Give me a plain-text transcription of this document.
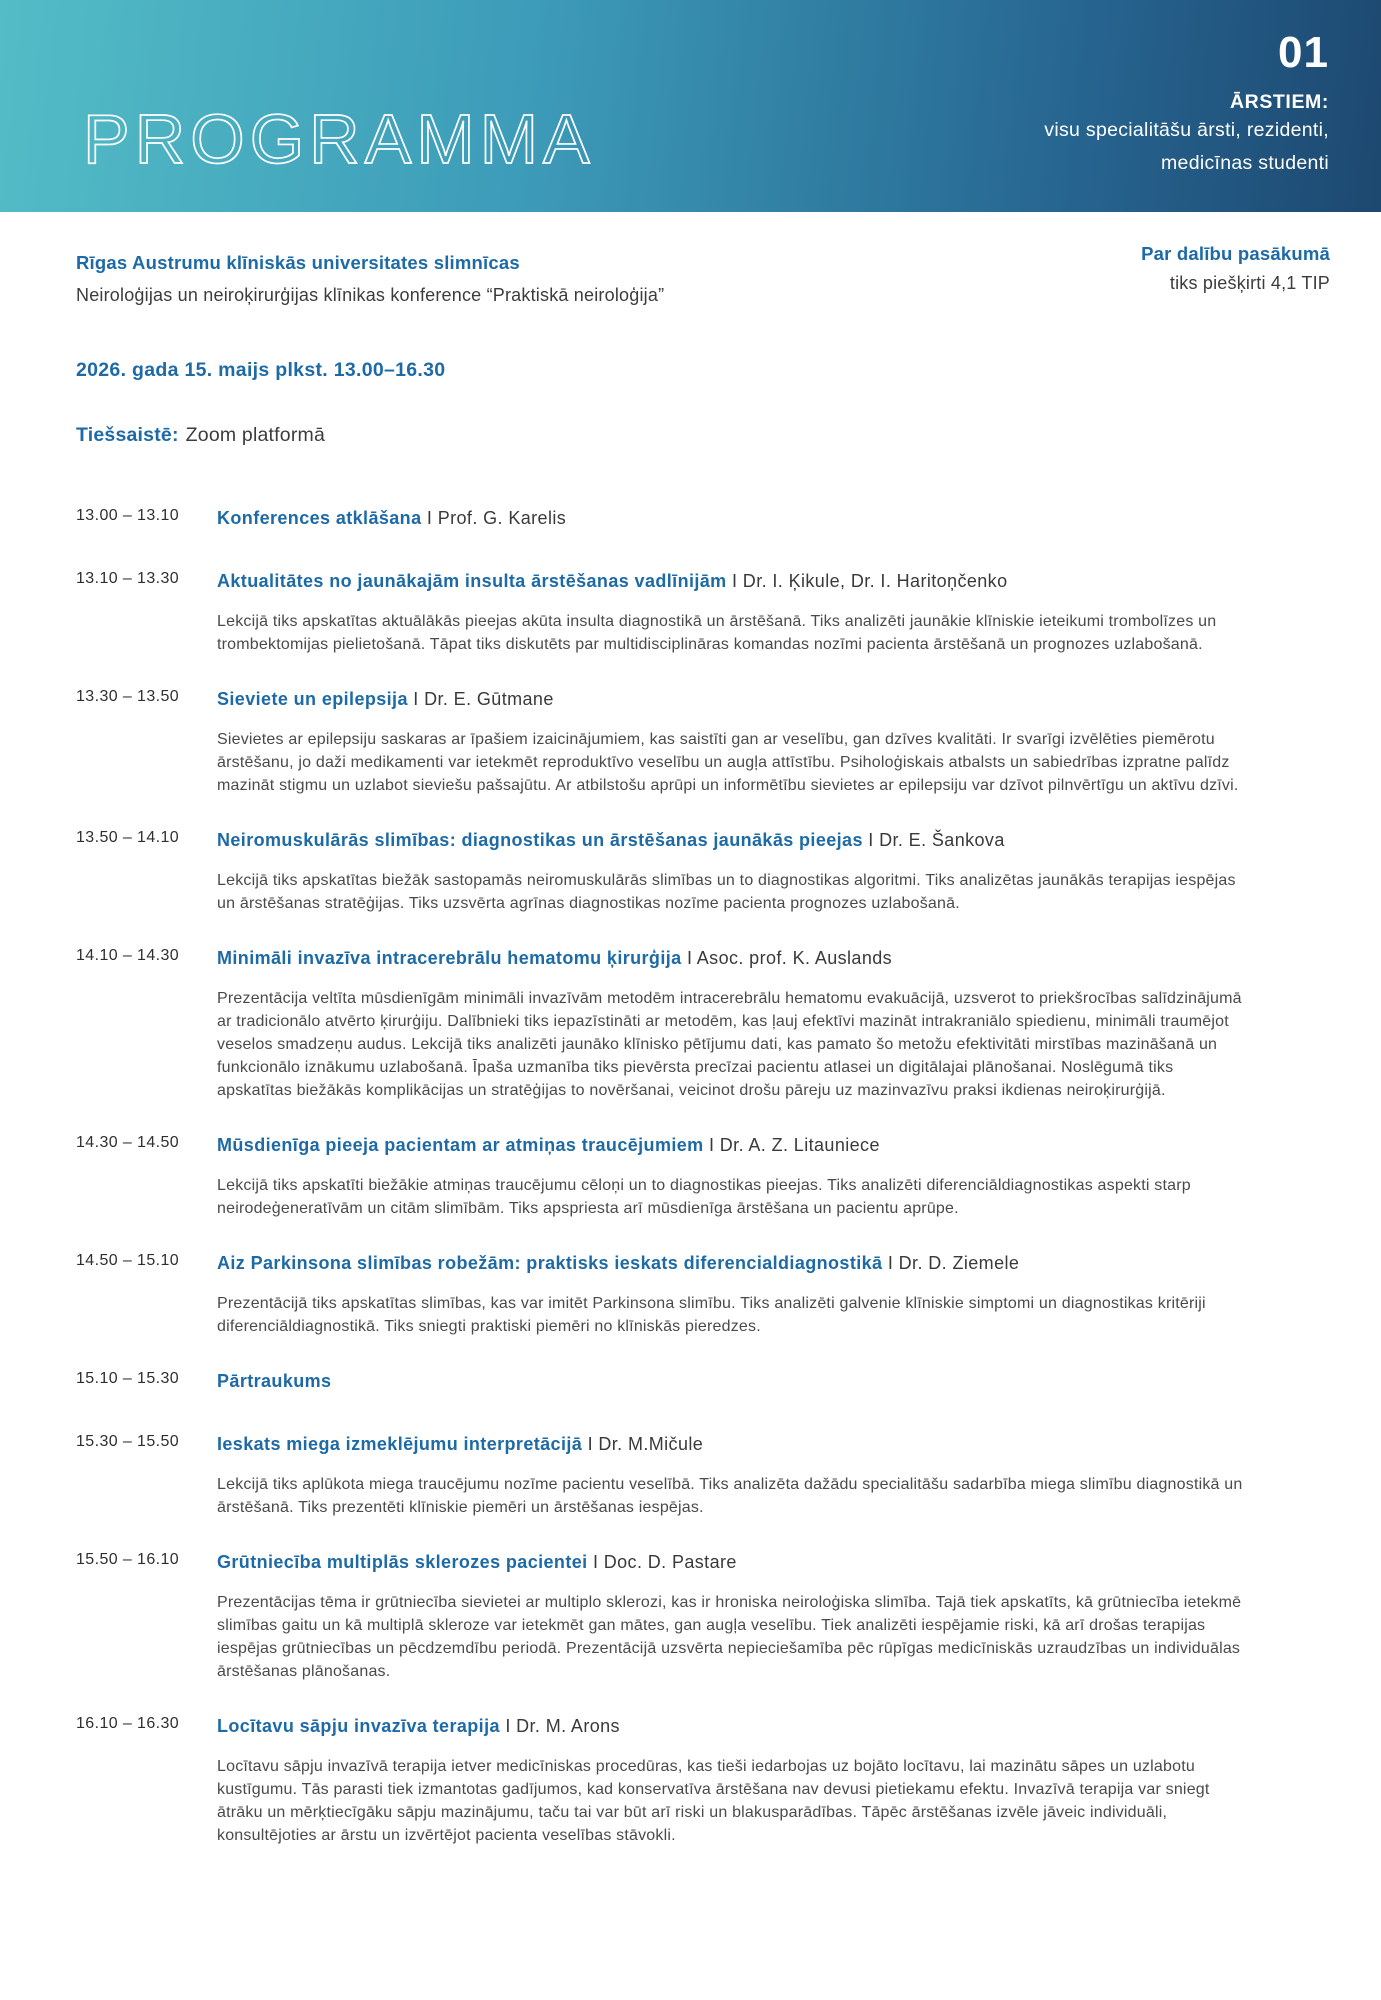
PROGRAMMA
01
ĀRSTIEM:
visu specialitāšu ārsti, rezidenti,
medicīnas studenti
Rīgas Austrumu klīniskās universitates slimnīcas
Neiroloģijas un neiroķirurģijas klīnikas konference “Praktiskā neiroloģija”
Par dalību pasākumā
tiks piešķirti 4,1 TIP
2026. gada 15. maijs plkst. 13.00–16.30
Tiešsaistē: Zoom platformā
13.00 – 13.10	Konferences atklāšana I Prof. G. Karelis
13.10 – 13.30	Aktualitātes no jaunākajām insulta ārstēšanas vadlīnijām I Dr. I. Ķikule, Dr. I. Haritoņčenko

Lekcijā tiks apskatītas aktuālākās pieejas akūta insulta diagnostikā un ārstēšanā. Tiks analizēti jaunākie klīniskie ieteikumi trombolīzes un trombektomijas pielietošanā. Tāpat tiks diskutēts par multidisciplināras komandas nozīmi pacienta ārstēšanā un prognozes uzlabošanā.

13.30 – 13.50	Sieviete un epilepsija I Dr. E. Gūtmane

Sievietes ar epilepsiju saskaras ar īpašiem izaicinājumiem, kas saistīti gan ar veselību, gan dzīves kvalitāti. Ir svarīgi izvēlēties piemērotu ārstēšanu, jo daži medikamenti var ietekmēt reproduktīvo veselību un augļa attīstību. Psiholoģiskais atbalsts un sabiedrības izpratne palīdz mazināt stigmu un uzlabot sieviešu pašsajūtu. Ar atbilstošu aprūpi un informētību sievietes ar epilepsiju var dzīvot pilnvērtīgu un aktīvu dzīvi.

13.50 – 14.10	Neiromuskulārās slimības: diagnostikas un ārstēšanas jaunākās pieejas I Dr. E. Šankova

Lekcijā tiks apskatītas biežāk sastopamās neiromuskulārās slimības un to diagnostikas algoritmi. Tiks analizētas jaunākās terapijas iespējas un ārstēšanas stratēģijas. Tiks uzsvērta agrīnas diagnostikas nozīme pacienta prognozes uzlabošanā.

14.10 – 14.30	Minimāli invazīva intracerebrālu hematomu ķirurģija I Asoc. prof. K. Auslands

Prezentācija veltīta mūsdienīgām minimāli invazīvām metodēm intracerebrālu hematomu evakuācijā, uzsverot to priekšrocības salīdzinājumā ar tradicionālo atvērto ķirurģiju. Dalībnieki tiks iepazīstināti ar metodēm, kas ļauj efektīvi mazināt intrakraniālo spiedienu, minimāli traumējot veselos smadzeņu audus. Lekcijā tiks analizēti jaunāko klīnisko pētījumu dati, kas pamato šo metožu efektivitāti mirstības mazināšanā un funkcionālo iznākumu uzlabošanā. Īpaša uzmanība tiks pievērsta precīzai pacientu atlasei un digitālajai plānošanai. Noslēgumā tiks apskatītas biežākās komplikācijas un stratēģijas to novēršanai, veicinot drošu pāreju uz mazinvazīvu praksi ikdienas neiroķirurģijā.

14.30 – 14.50	Mūsdienīga pieeja pacientam ar atmiņas traucējumiem I Dr. A. Z. Litauniece

Lekcijā tiks apskatīti biežākie atmiņas traucējumu cēloņi un to diagnostikas pieejas. Tiks analizēti diferenciāldiagnostikas aspekti starp neirodeģeneratīvām un citām slimībām. Tiks apspriesta arī mūsdienīga ārstēšana un pacientu aprūpe.

14.50 – 15.10	Aiz Parkinsona slimības robežām: praktisks ieskats diferencialdiagnostikā I Dr. D. Ziemele

Prezentācijā tiks apskatītas slimības, kas var imitēt Parkinsona slimību. Tiks analizēti galvenie klīniskie simptomi un diagnostikas kritēriji diferenciāldiagnostikā. Tiks sniegti praktiski piemēri no klīniskās pieredzes.

15.10 – 15.30	Pārtraukums
15.30 – 15.50	Ieskats miega izmeklējumu interpretācijā I Dr. M.Mičule

Lekcijā tiks aplūkota miega traucējumu nozīme pacientu veselībā. Tiks analizēta dažādu specialitāšu sadarbība miega slimību diagnostikā un ārstēšanā. Tiks prezentēti klīniskie piemēri un ārstēšanas iespējas.

15.50 – 16.10	Grūtniecība multiplās sklerozes pacientei I Doc. D. Pastare

Prezentācijas tēma ir grūtniecība sievietei ar multiplo sklerozi, kas ir hroniska neiroloģiska slimība. Tajā tiek apskatīts, kā grūtniecība ietekmē slimības gaitu un kā multiplā skleroze var ietekmēt gan mātes, gan augļa veselību. Tiek analizēti iespējamie riski, kā arī drošas terapijas iespējas grūtniecības un pēcdzemdību periodā. Prezentācijā uzsvērta nepieciešamība pēc rūpīgas medicīniskās uzraudzības un individuālas ārstēšanas plānošanas.

16.10 – 16.30	Locītavu sāpju invazīva terapija I Dr. M. Arons

Locītavu sāpju invazīvā terapija ietver medicīniskas procedūras, kas tieši iedarbojas uz bojāto locītavu, lai mazinātu sāpes un uzlabotu kustīgumu. Tās parasti tiek izmantotas gadījumos, kad konservatīva ārstēšana nav devusi pietiekamu efektu. Invazīvā terapija var sniegt ātrāku un mērķtiecīgāku sāpju mazinājumu, taču tai var būt arī riski un blakusparādības. Tāpēc ārstēšanas izvēle jāveic individuāli, konsultējoties ar ārstu un izvērtējot pacienta veselības stāvokli.
